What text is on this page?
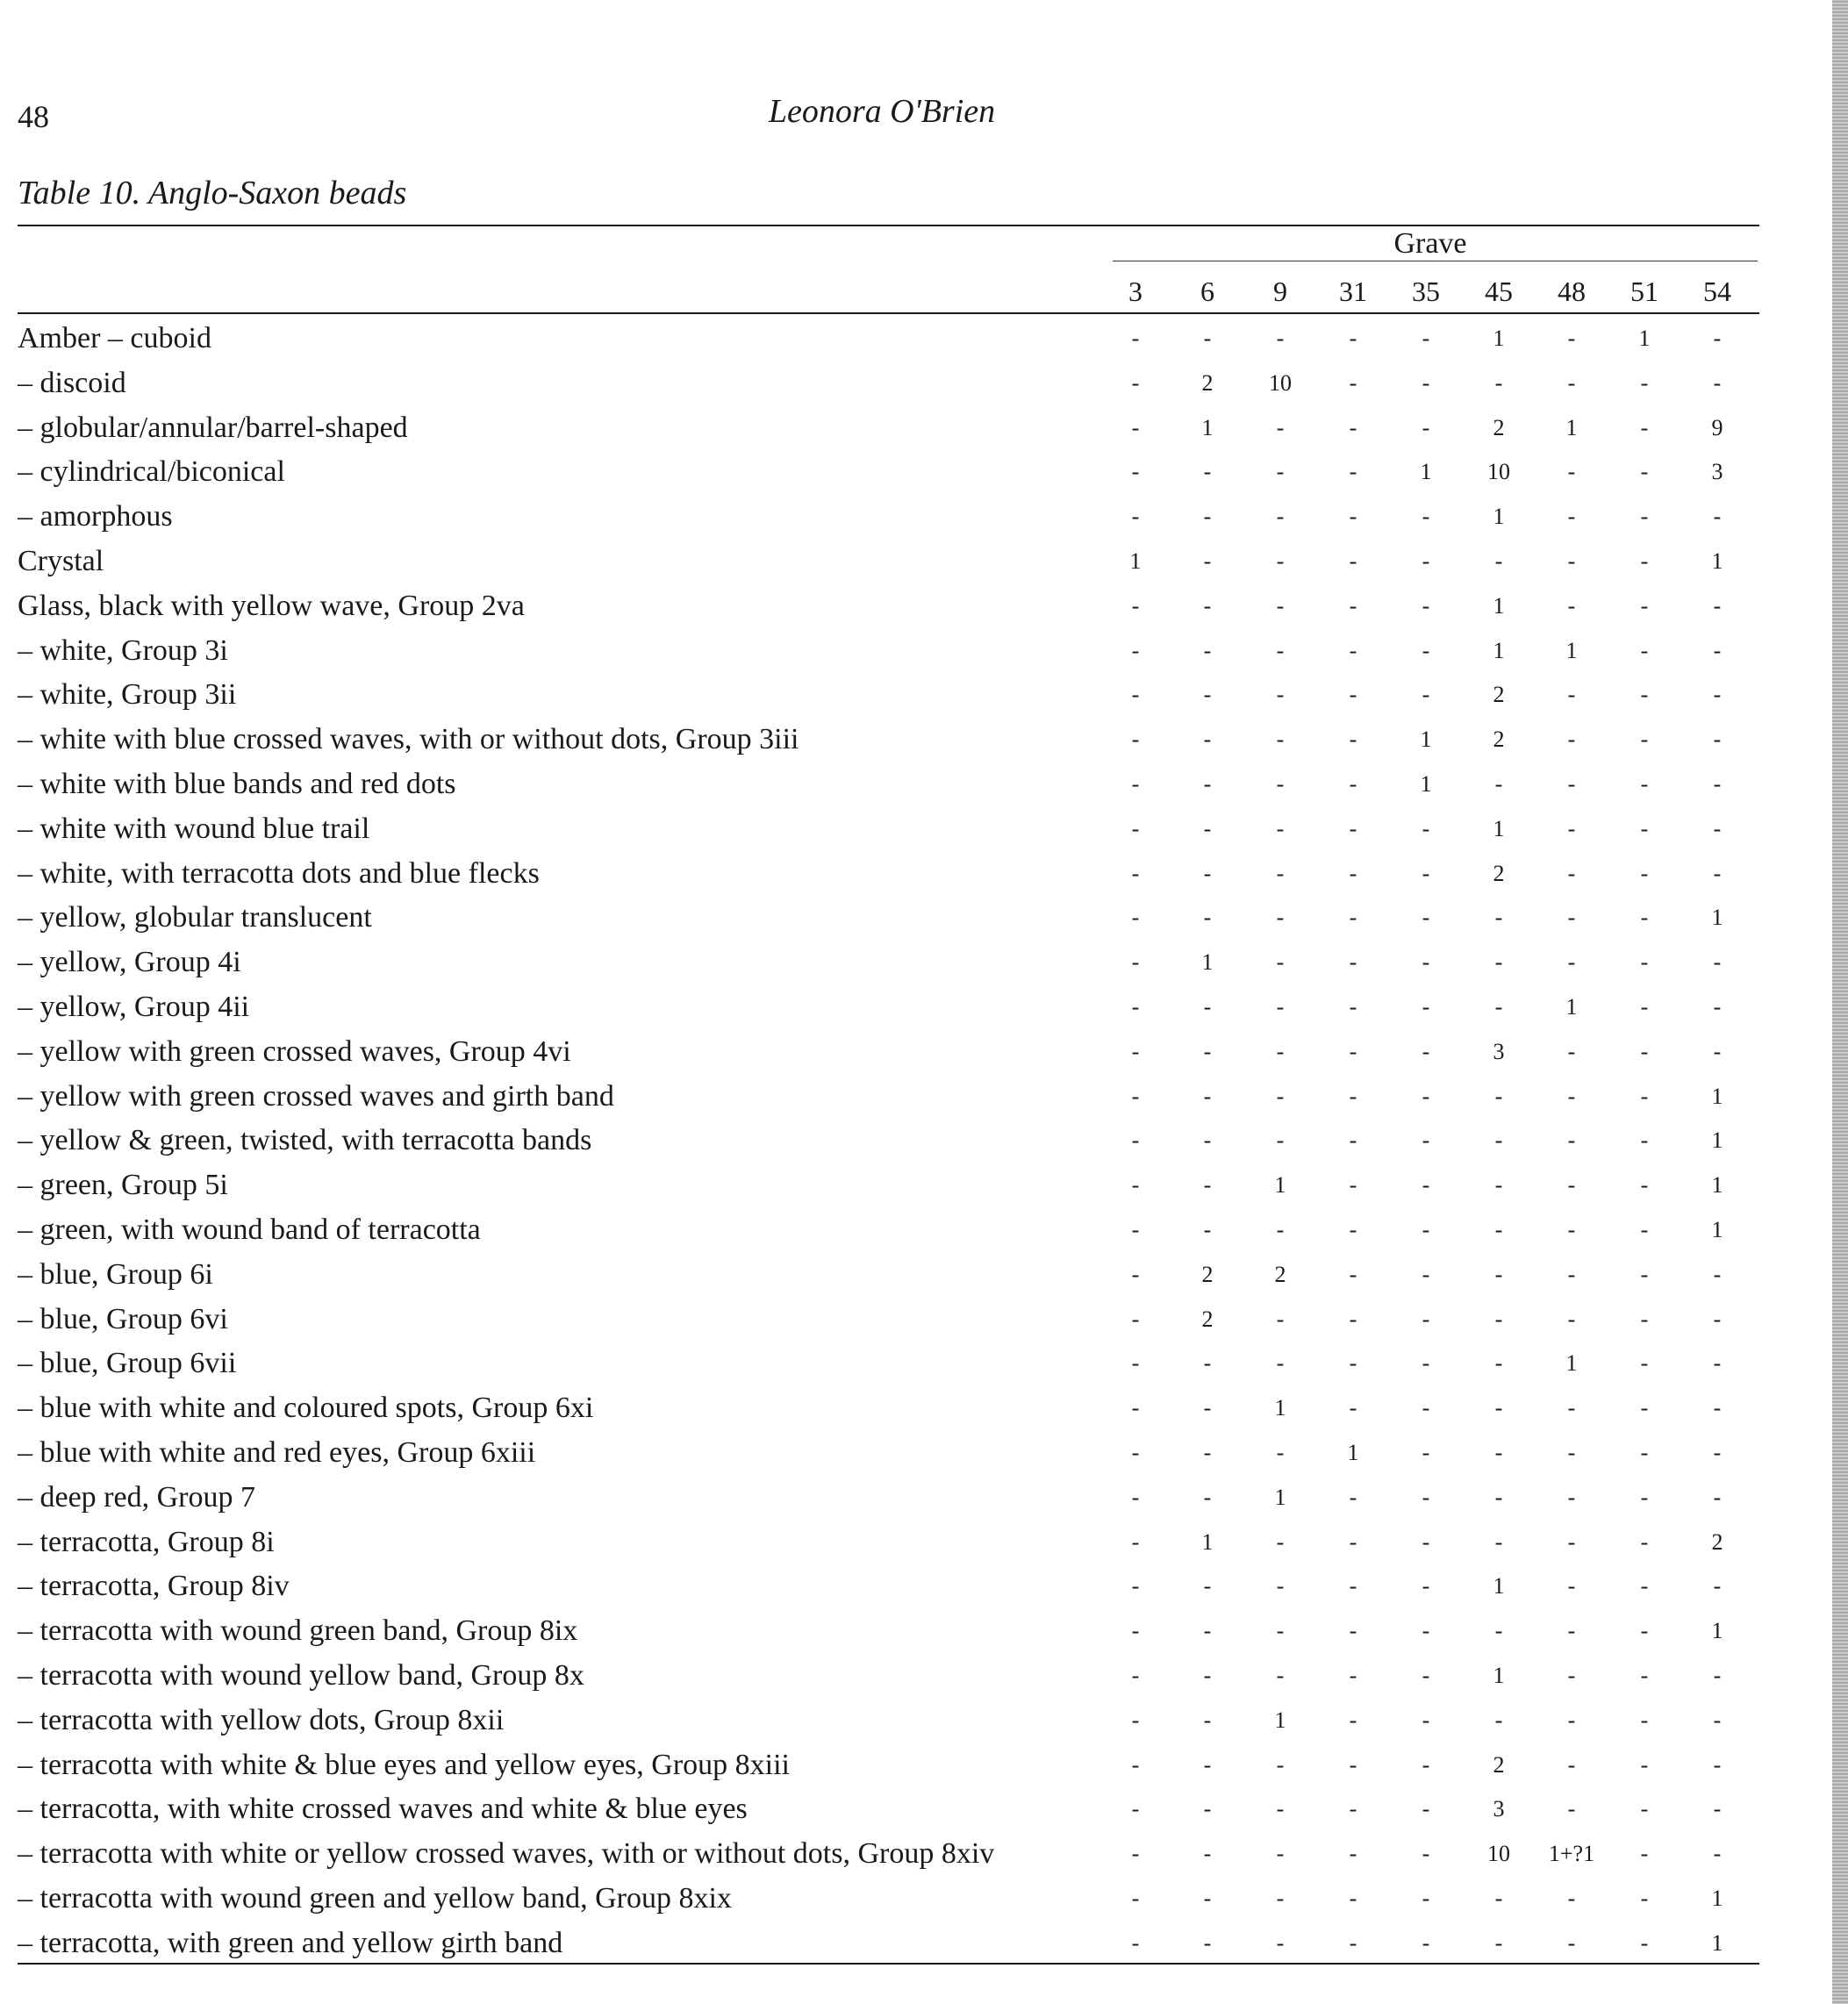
48	Leonora O'Brien
Table 10. Anglo-Saxon beads
Grave
3	6	9	31	35	45	48	51	54
Amber – cuboid	-	-	-	-	-	1	-	1	-
– discoid	-	2	10	-	-	-	-	-	-
– globular/annular/barrel-shaped	-	1	-	-	-	2	1	-	9
– cylindrical/biconical	-	-	-	-	1	10	-	-	3
– amorphous	-	-	-	-	-	1	-	-	-
Crystal	1	-	-	-	-	-	-	-	1
Glass, black with yellow wave, Group 2va	-	-	-	-	-	1	-	-	-
– white, Group 3i	-	-	-	-	-	1	1	-	-
– white, Group 3ii	-	-	-	-	-	2	-	-	-
– white with blue crossed waves, with or without dots, Group 3iii	-	-	-	-	1	2	-	-	-
– white with blue bands and red dots	-	-	-	-	1	-	-	-	-
– white with wound blue trail	-	-	-	-	-	1	-	-	-
– white, with terracotta dots and blue flecks	-	-	-	-	-	2	-	-	-
– yellow, globular translucent	-	-	-	-	-	-	-	-	1
– yellow, Group 4i	-	1	-	-	-	-	-	-	-
– yellow, Group 4ii	-	-	-	-	-	-	1	-	-
– yellow with green crossed waves, Group 4vi	-	-	-	-	-	3	-	-	-
– yellow with green crossed waves and girth band	-	-	-	-	-	-	-	-	1
– yellow & green, twisted, with terracotta bands	-	-	-	-	-	-	-	-	1
– green, Group 5i	-	-	1	-	-	-	-	-	1
– green, with wound band of terracotta	-	-	-	-	-	-	-	-	1
– blue, Group 6i	-	2	2	-	-	-	-	-	-
– blue, Group 6vi	-	2	-	-	-	-	-	-	-
– blue, Group 6vii	-	-	-	-	-	-	1	-	-
– blue with white and coloured spots, Group 6xi	-	-	1	-	-	-	-	-	-
– blue with white and red eyes, Group 6xiii	-	-	-	1	-	-	-	-	-
– deep red, Group 7	-	-	1	-	-	-	-	-	-
– terracotta, Group 8i	-	1	-	-	-	-	-	-	2
– terracotta, Group 8iv	-	-	-	-	-	1	-	-	-
– terracotta with wound green band, Group 8ix	-	-	-	-	-	-	-	-	1
– terracotta with wound yellow band, Group 8x	-	-	-	-	-	1	-	-	-
– terracotta with yellow dots, Group 8xii	-	-	1	-	-	-	-	-	-
– terracotta with white & blue eyes and yellow eyes, Group 8xiii	-	-	-	-	-	2	-	-	-
– terracotta, with white crossed waves and white & blue eyes	-	-	-	-	-	3	-	-	-
– terracotta with white or yellow crossed waves, with or without dots, Group 8xiv	-	-	-	-	-	10	1+?1	-	-
– terracotta with wound green and yellow band, Group 8xix	-	-	-	-	-	-	-	-	1
– terracotta, with green and yellow girth band	-	-	-	-	-	-	-	-	1
